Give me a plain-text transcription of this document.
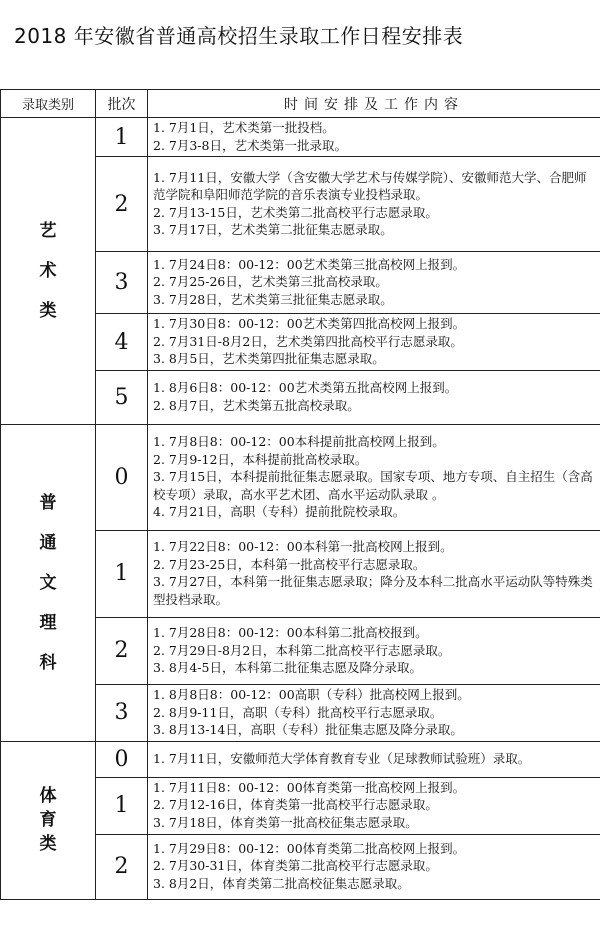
2018 年安徽省普通高校招生录取工作日程安排表
录取类别	批次	时间安排及工作内容

艺
术
类	1	1. 7月1日，艺术类第一批投档。
2. 7月3-8日，艺术类第一批录取。

	2	1. 7月11日，安徽大学（含安徽大学艺术与传媒学院）、安徽师范大学、合肥师范学院和阜阳师范学院的音乐表演专业投档录取。
2. 7月13-15日，艺术类第二批高校平行志愿录取。
3. 7月17日，艺术类第二批征集志愿录取。

	3	1. 7月24日8：00-12：00艺术类第三批高校网上报到。
2. 7月25-26日，艺术类第三批高校录取。
3. 7月28日，艺术类第三批征集志愿录取。

	4	1. 7月30日8：00-12：00艺术类第四批高校网上报到。
2. 7月31日-8月2日，艺术类第四批高校平行志愿录取。
3. 8月5日，艺术类第四批征集志愿录取。

	5	1. 8月6日8：00-12：00艺术类第五批高校网上报到。
2. 8月7日，艺术类第五批高校录取。

普
通
文
理
科	0	1. 7月8日8：00-12：00本科提前批高校网上报到。
2. 7月9-12日，本科提前批高校录取。
3. 7月15日，本科提前批征集志愿录取。国家专项、地方专项、自主招生（含高校专项）录取，高水平艺术团、高水平运动队录取 。
4. 7月21日，高职（专科）提前批院校录取。

	1	1. 7月22日8：00-12：00本科第一批高校网上报到。
2. 7月23-25日，本科第一批高校平行志愿录取。
3. 7月27日，本科第一批征集志愿录取；降分及本科二批高水平运动队等特殊类型投档录取。

	2	1. 7月28日8：00-12：00本科第二批高校报到。
2. 7月29日-8月2日，本科第二批高校平行志愿录取。
3. 8月4-5日，本科第二批征集志愿及降分录取。

	3	1. 8月8日8：00-12：00高职（专科）批高校网上报到。
2. 8月9-11日，高职（专科）批高校平行志愿录取。
3. 8月13-14日，高职（专科）批征集志愿及降分录取。

体
育
类	0	1. 7月11日，安徽师范大学体育教育专业（足球教师试验班）录取。

	1	1. 7月11日8：00-12：00体育类第一批高校网上报到。
2. 7月12-16日，体育类第一批高校平行志愿录取。
3. 7月18日，体育类第一批高校征集志愿录取。

	2	1. 7月29日8：00-12：00体育类第二批高校网上报到。
2. 7月30-31日，体育类第二批高校平行志愿录取。
3. 8月2日，体育类第二批高校征集志愿录取。
